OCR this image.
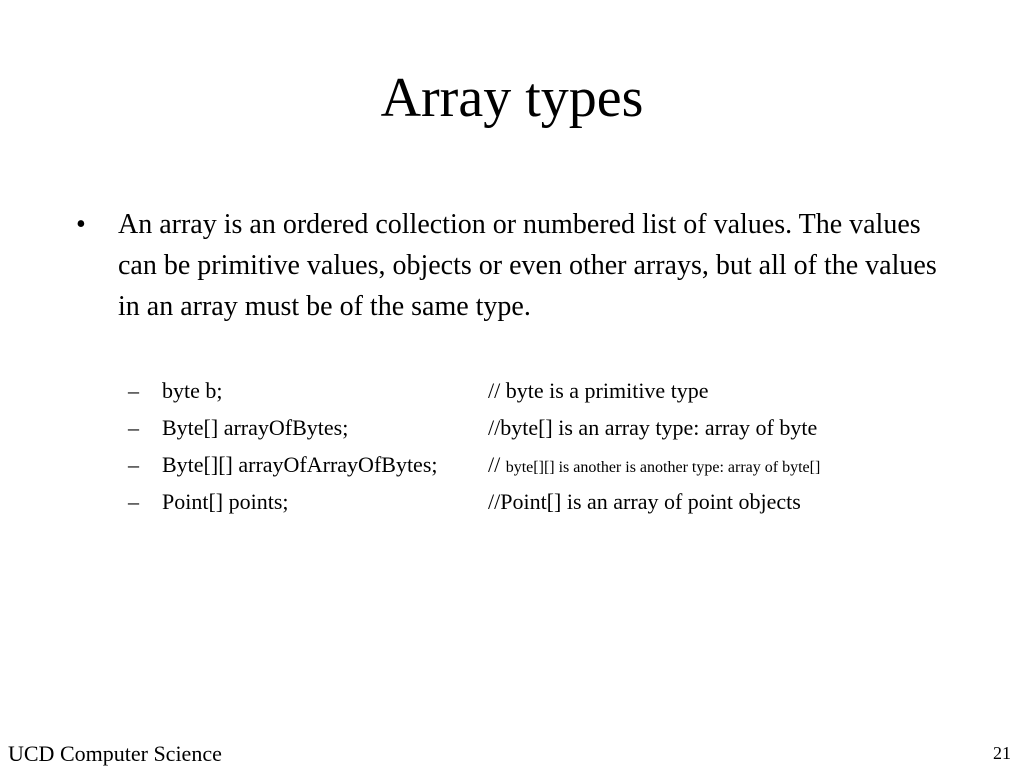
Array types
• An array is an ordered collection or numbered list of values. The values can be primitive values, objects or even other arrays, but all of the values in an array must be of the same type.
– byte b;	// byte is a primitive type
– Byte[] arrayOfBytes;	//byte[] is an array type: array of byte
– Byte[][] arrayOfArrayOfBytes; // byte[][] is another is another type: array of byte[]
– Point[] points;	//Point[] is an array of point objects
UCD Computer Science	21
